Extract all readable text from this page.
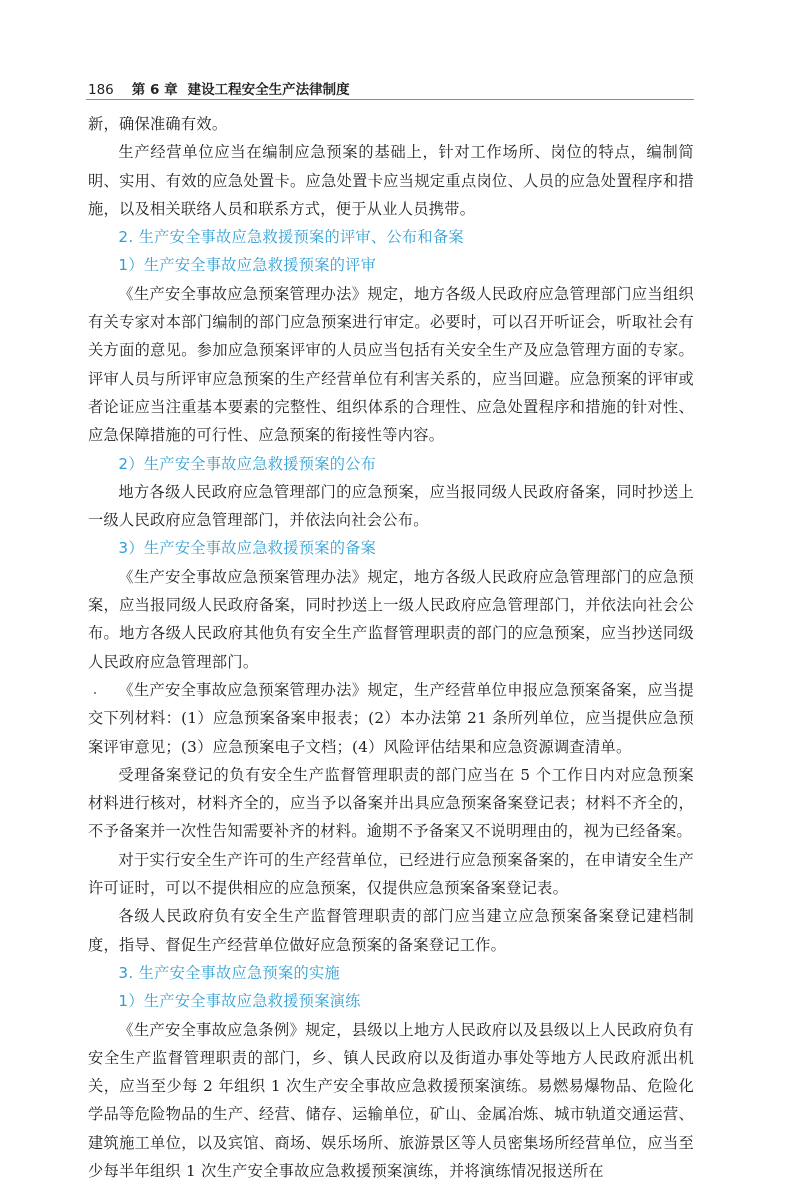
186 第 6 章 建设工程安全生产法律制度

新，确保准确有效。

生产经营单位应当在编制应急预案的基础上，针对工作场所、岗位的特点，编制简明、实用、有效的应急处置卡。应急处置卡应当规定重点岗位、人员的应急处置程序和措施，以及相关联络人员和联系方式，便于从业人员携带。

2. 生产安全事故应急救援预案的评审、公布和备案

1）生产安全事故应急救援预案的评审

《生产安全事故应急预案管理办法》规定，地方各级人民政府应急管理部门应当组织有关专家对本部门编制的部门应急预案进行审定。必要时，可以召开听证会，听取社会有关方面的意见。参加应急预案评审的人员应当包括有关安全生产及应急管理方面的专家。评审人员与所评审应急预案的生产经营单位有利害关系的，应当回避。应急预案的评审或者论证应当注重基本要素的完整性、组织体系的合理性、应急处置程序和措施的针对性、应急保障措施的可行性、应急预案的衔接性等内容。

2）生产安全事故应急救援预案的公布

地方各级人民政府应急管理部门的应急预案，应当报同级人民政府备案，同时抄送上一级人民政府应急管理部门，并依法向社会公布。

3）生产安全事故应急救援预案的备案

《生产安全事故应急预案管理办法》规定，地方各级人民政府应急管理部门的应急预案，应当报同级人民政府备案，同时抄送上一级人民政府应急管理部门，并依法向社会公布。地方各级人民政府其他负有安全生产监督管理职责的部门的应急预案，应当抄送同级人民政府应急管理部门。

《生产安全事故应急预案管理办法》规定，生产经营单位申报应急预案备案，应当提交下列材料：(1）应急预案备案申报表；(2）本办法第 21 条所列单位，应当提供应急预案评审意见；(3）应急预案电子文档；(4）风险评估结果和应急资源调查清单。

受理备案登记的负有安全生产监督管理职责的部门应当在 5 个工作日内对应急预案材料进行核对，材料齐全的，应当予以备案并出具应急预案备案登记表；材料不齐全的，不予备案并一次性告知需要补齐的材料。逾期不予备案又不说明理由的，视为已经备案。

对于实行安全生产许可的生产经营单位，已经进行应急预案备案的，在申请安全生产许可证时，可以不提供相应的应急预案，仅提供应急预案备案登记表。

各级人民政府负有安全生产监督管理职责的部门应当建立应急预案备案登记建档制度，指导、督促生产经营单位做好应急预案的备案登记工作。

3. 生产安全事故应急预案的实施

1）生产安全事故应急救援预案演练

《生产安全事故应急条例》规定，县级以上地方人民政府以及县级以上人民政府负有安全生产监督管理职责的部门，乡、镇人民政府以及街道办事处等地方人民政府派出机关，应当至少每 2 年组织 1 次生产安全事故应急救援预案演练。易燃易爆物品、危险化学品等危险物品的生产、经营、储存、运输单位，矿山、金属冶炼、城市轨道交通运营、建筑施工单位，以及宾馆、商场、娱乐场所、旅游景区等人员密集场所经营单位，应当至少每半年组织 1 次生产安全事故应急救援预案演练，并将演练情况报送所在
